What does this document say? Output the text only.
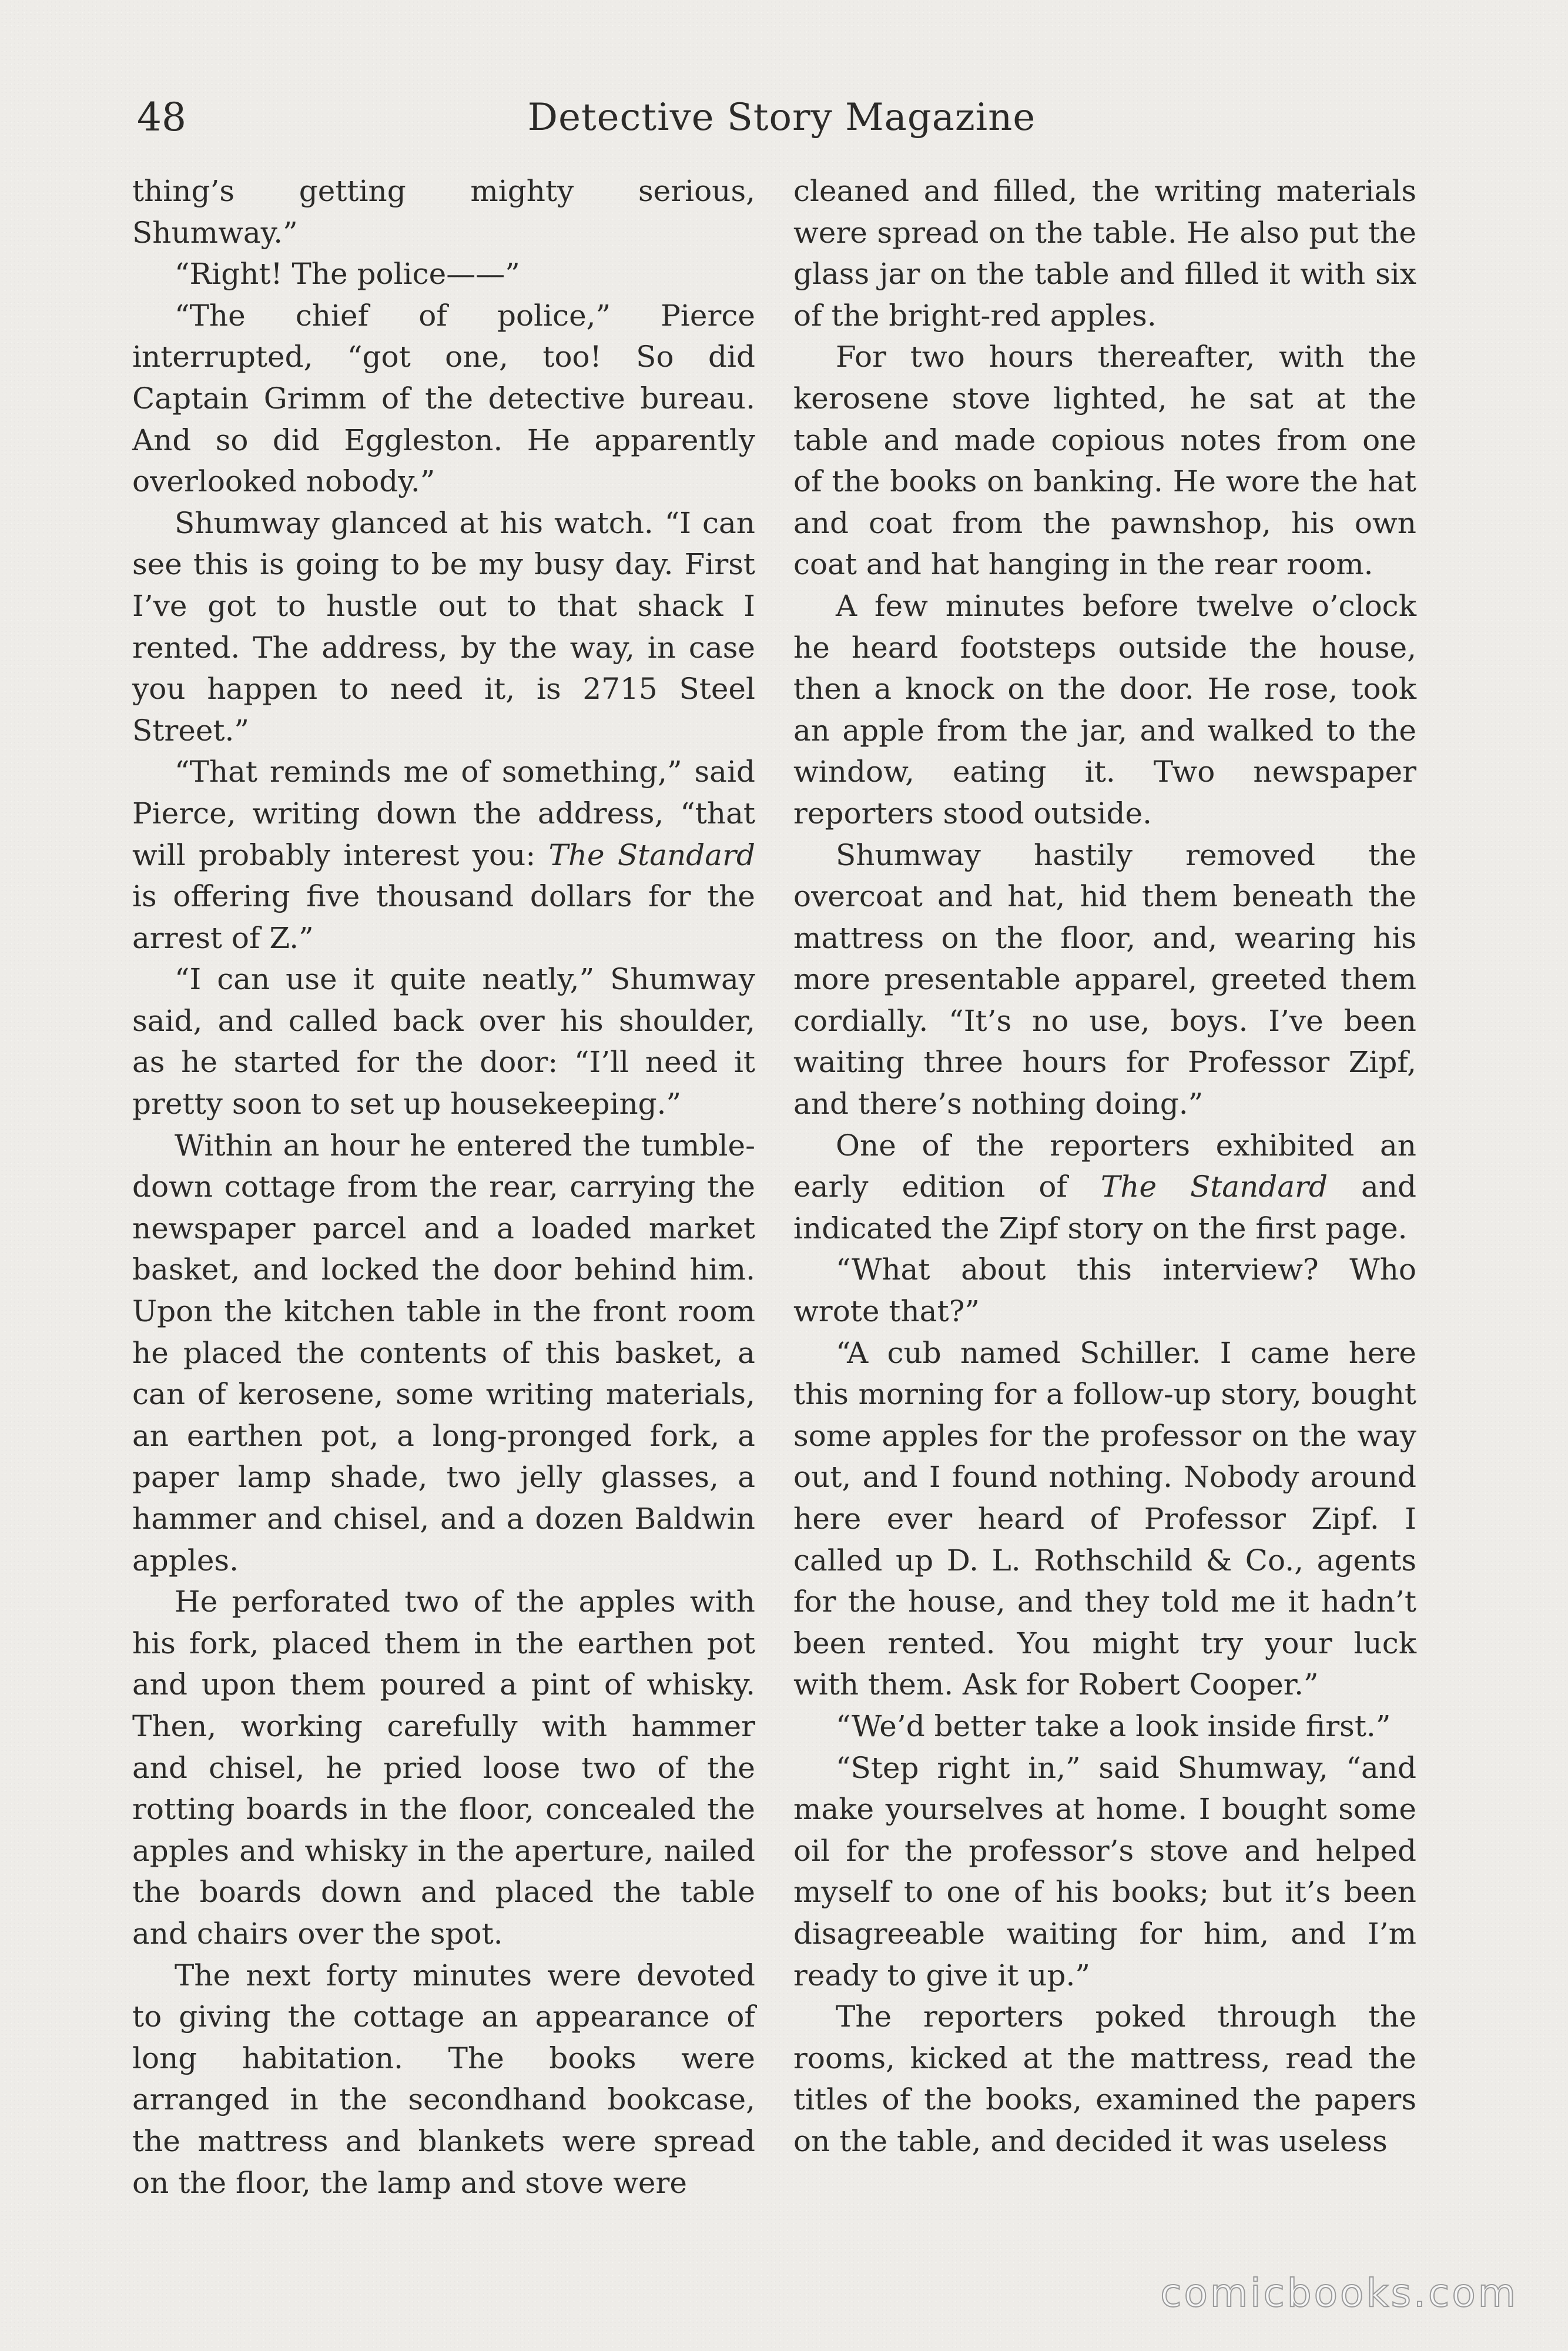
48	Detective Story Magazine

thing’s getting mighty serious, Shumway.”

“Right! The police——”

“The chief of police,” Pierce interrupted, “got one, too! So did Captain Grimm of the detective bureau. And so did Eggleston. He apparently overlooked nobody.”

Shumway glanced at his watch. “I can see this is going to be my busy day. First I’ve got to hustle out to that shack I rented. The address, by the way, in case you happen to need it, is 2715 Steel Street.”

“That reminds me of something,” said Pierce, writing down the address, “that will probably interest you: The Standard is offering five thousand dollars for the arrest of Z.”

“I can use it quite neatly,” Shumway said, and called back over his shoulder, as he started for the door: “I’ll need it pretty soon to set up housekeeping.”

Within an hour he entered the tumble-down cottage from the rear, carrying the newspaper parcel and a loaded market basket, and locked the door behind him. Upon the kitchen table in the front room he placed the contents of this basket, a can of kerosene, some writing materials, an earthen pot, a long-pronged fork, a paper lamp shade, two jelly glasses, a hammer and chisel, and a dozen Baldwin apples.

He perforated two of the apples with his fork, placed them in the earthen pot and upon them poured a pint of whisky. Then, working carefully with hammer and chisel, he pried loose two of the rotting boards in the floor, concealed the apples and whisky in the aperture, nailed the boards down and placed the table and chairs over the spot.

The next forty minutes were devoted to giving the cottage an appearance of long habitation. The books were arranged in the secondhand bookcase, the mattress and blankets were spread on the floor, the lamp and stove were

cleaned and filled, the writing materials were spread on the table. He also put the glass jar on the table and filled it with six of the bright-red apples.

For two hours thereafter, with the kerosene stove lighted, he sat at the table and made copious notes from one of the books on banking. He wore the hat and coat from the pawnshop, his own coat and hat hanging in the rear room.

A few minutes before twelve o’clock he heard footsteps outside the house, then a knock on the door. He rose, took an apple from the jar, and walked to the window, eating it. Two newspaper reporters stood outside.

Shumway hastily removed the overcoat and hat, hid them beneath the mattress on the floor, and, wearing his more presentable apparel, greeted them cordially. “It’s no use, boys. I’ve been waiting three hours for Professor Zipf, and there’s nothing doing.”

One of the reporters exhibited an early edition of The Standard and indicated the Zipf story on the first page.

“What about this interview? Who wrote that?”

“A cub named Schiller. I came here this morning for a follow-up story, bought some apples for the professor on the way out, and I found nothing. Nobody around here ever heard of Professor Zipf. I called up D. L. Rothschild & Co., agents for the house, and they told me it hadn’t been rented. You might try your luck with them. Ask for Robert Cooper.”

“We’d better take a look inside first.”

“Step right in,” said Shumway, “and make yourselves at home. I bought some oil for the professor’s stove and helped myself to one of his books; but it’s been disagreeable waiting for him, and I’m ready to give it up.”

The reporters poked through the rooms, kicked at the mattress, read the titles of the books, examined the papers on the table, and decided it was useless

comicbooks.com
